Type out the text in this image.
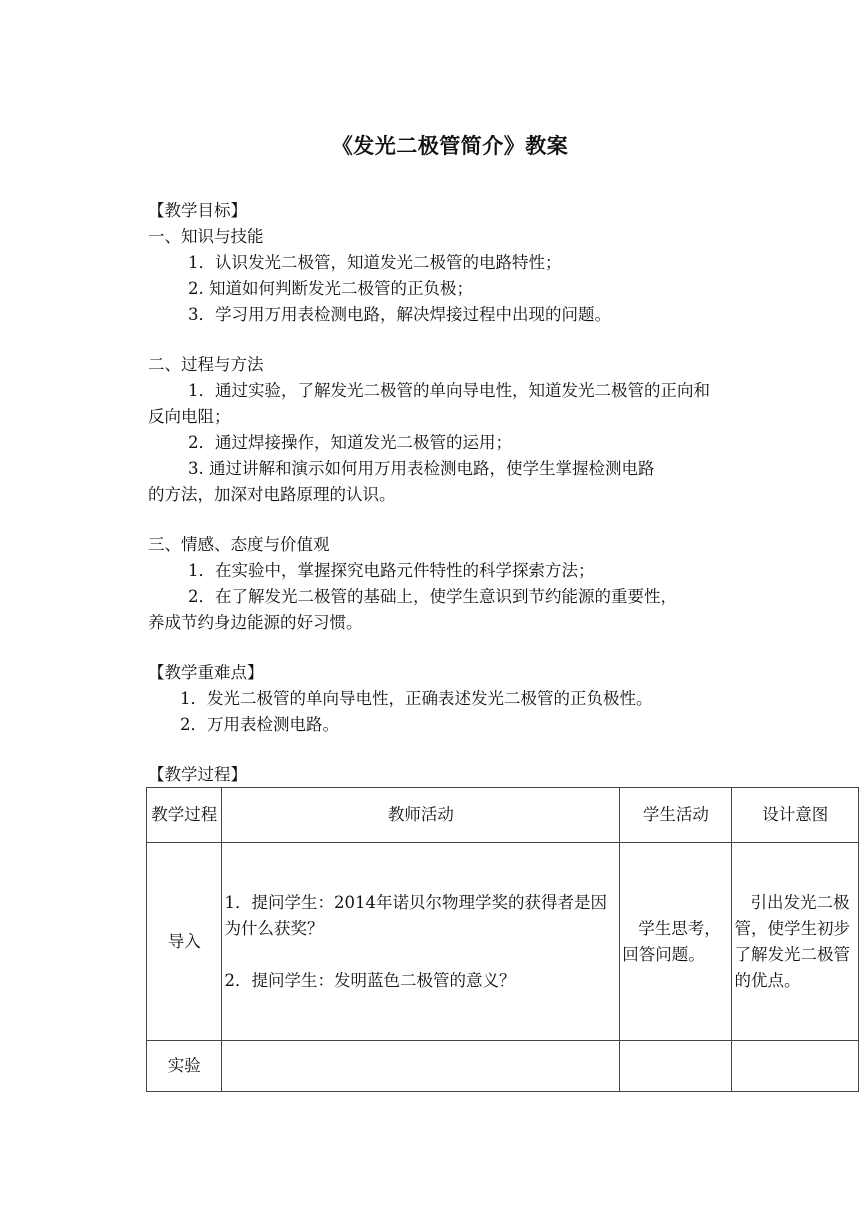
《发光二极管简介》教案
【教学目标】
一、知识与技能
1．认识发光二极管，知道发光二极管的电路特性；
2. 知道如何判断发光二极管的正负极；
3．学习用万用表检测电路，解决焊接过程中出现的问题。
二、过程与方法
1．通过实验，了解发光二极管的单向导电性，知道发光二极管的正向和
反向电阻；
2．通过焊接操作，知道发光二极管的运用；
3. 通过讲解和演示如何用万用表检测电路，使学生掌握检测电路
的方法，加深对电路原理的认识。
三、情感、态度与价值观
1．在实验中，掌握探究电路元件特性的科学探索方法；
2．在了解发光二极管的基础上，使学生意识到节约能源的重要性，
养成节约身边能源的好习惯。
【教学重难点】
1．发光二极管的单向导电性，正确表述发光二极管的正负极性。
2．万用表检测电路。
【教学过程】
教学过程	教师活动	学生活动	设计意图
导入	1．提问学生：2014年诺贝尔物理学奖的获得者是因为什么获奖？

2．提问学生：发明蓝色二极管的意义？	学生思考，回答问题。	引出发光二极管，使学生初步了解发光二极管的优点。
实验			
